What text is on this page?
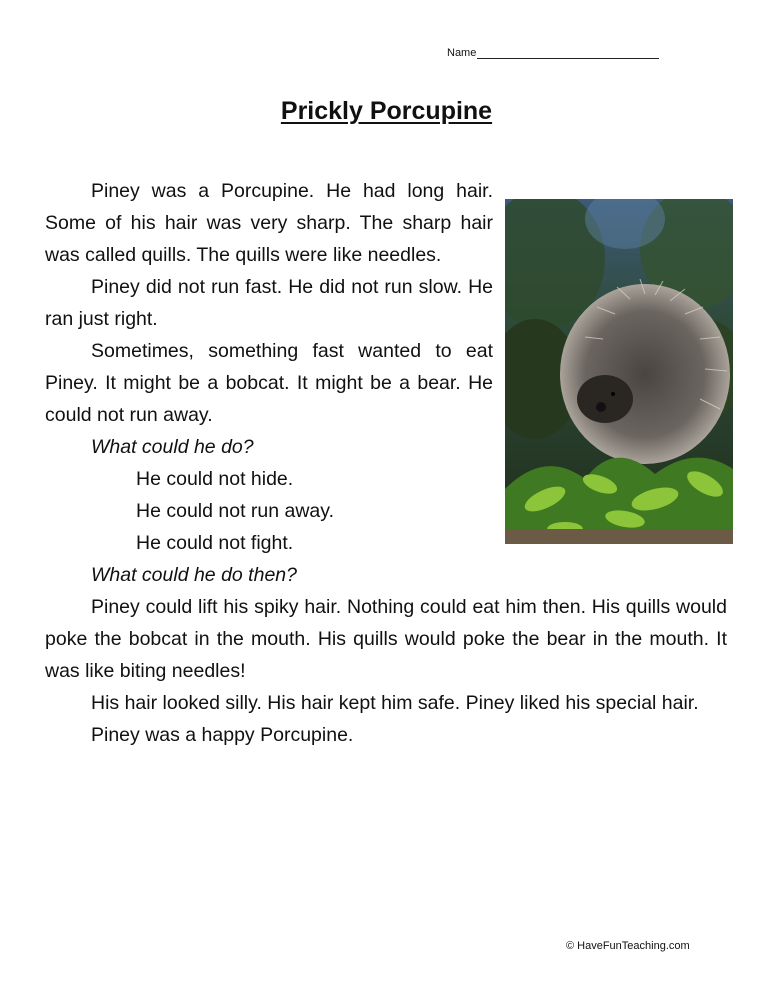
Name
Prickly Porcupine

Piney was a Porcupine. He had long hair. Some of his hair was very sharp. The sharp hair was called quills. The quills were like needles.

Piney did not run fast. He did not run slow. He ran just right.

Sometimes, something fast wanted to eat Piney. It might be a bobcat. It might be a bear. He could not run away.

What could he do?

He could not hide.

He could not run away.

He could not fight.

What could he do then?

Piney could lift his spiky hair. Nothing could eat him then. His quills would poke the bobcat in the mouth. His quills would poke the bear in the mouth. It was like biting needles!

His hair looked silly. His hair kept him safe. Piney liked his special hair.

Piney was a happy Porcupine.

© HaveFunTeaching.com
